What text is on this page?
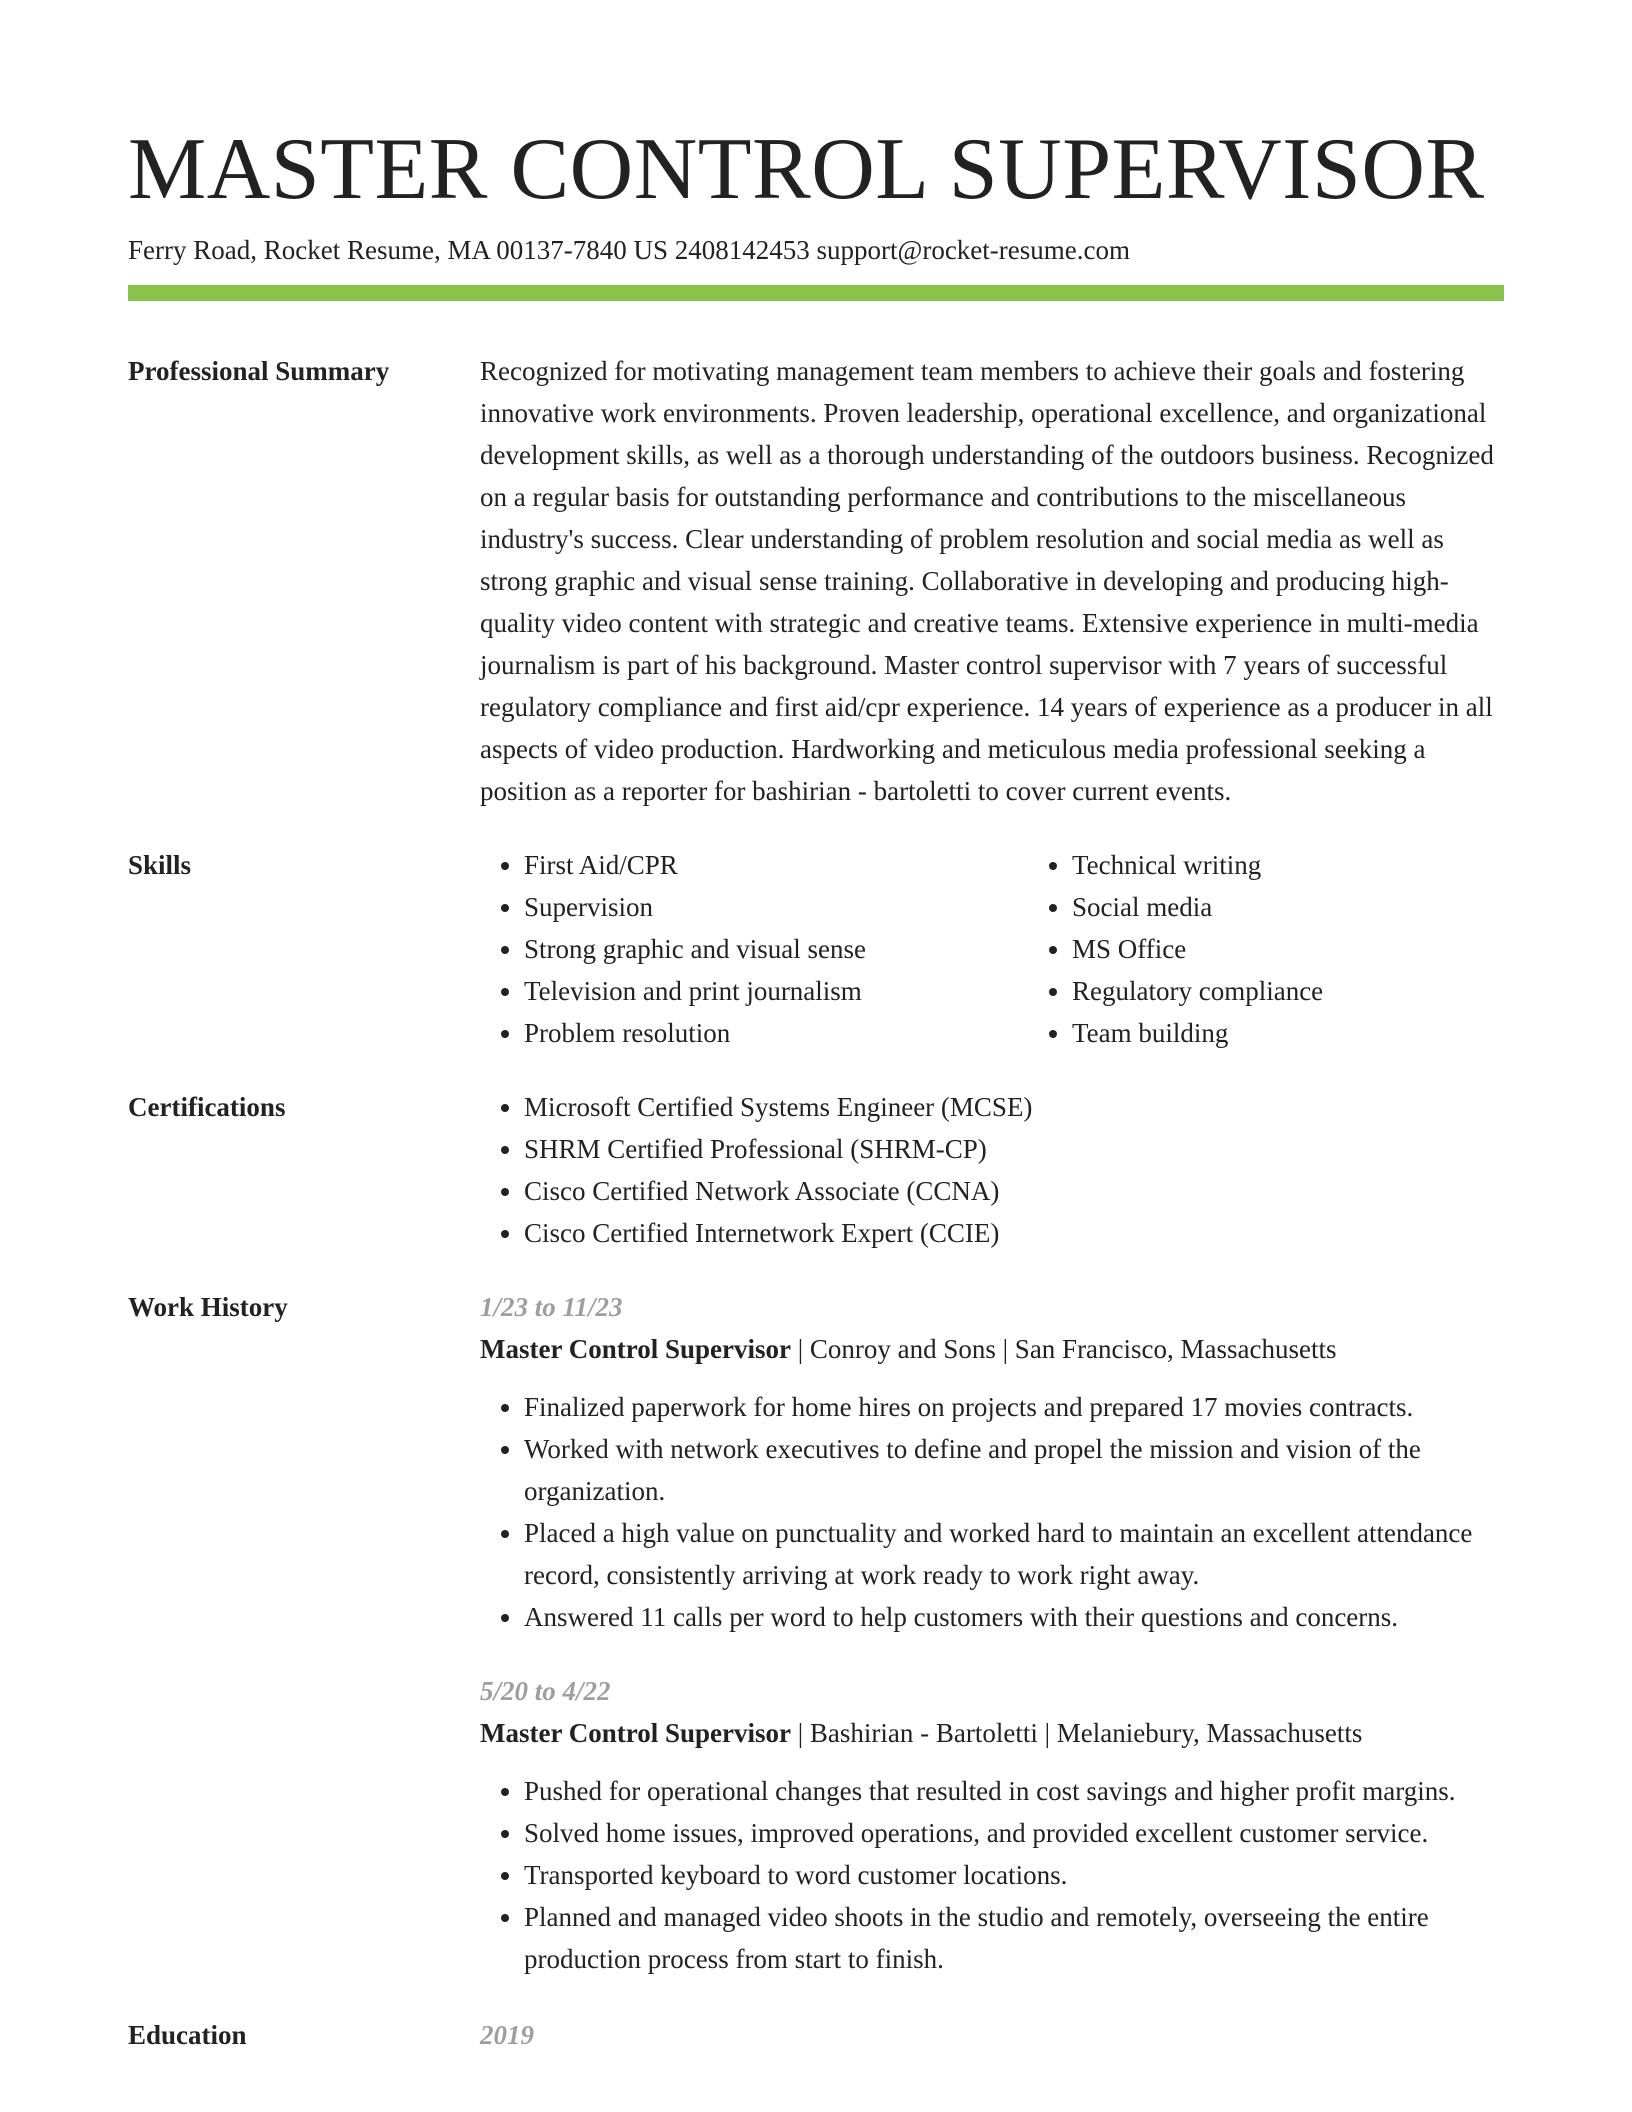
MASTER CONTROL SUPERVISOR
Ferry Road, Rocket Resume, MA 00137-7840 US 2408142453 support@rocket-resume.com
Professional Summary	Recognized for motivating management team members to achieve their goals and fostering innovative work environments. Proven leadership, operational excellence, and organizational development skills, as well as a thorough understanding of the outdoors business. Recognized on a regular basis for outstanding performance and contributions to the miscellaneous industry's success. Clear understanding of problem resolution and social media as well as strong graphic and visual sense training. Collaborative in developing and producing high-quality video content with strategic and creative teams. Extensive experience in multi-media journalism is part of his background. Master control supervisor with 7 years of successful regulatory compliance and first aid/cpr experience. 14 years of experience as a producer in all aspects of video production. Hardworking and meticulous media professional seeking a position as a reporter for bashirian - bartoletti to cover current events.

Skills	• First Aid/CPR
• Supervision
• Strong graphic and visual sense
• Television and print journalism
• Problem resolution
• Technical writing
• Social media
• MS Office
• Regulatory compliance
• Team building
Certifications	• Microsoft Certified Systems Engineer (MCSE)
• SHRM Certified Professional (SHRM-CP)
• Cisco Certified Network Associate (CCNA)
• Cisco Certified Internetwork Expert (CCIE)
Work History	1/23 to 11/23
Master Control Supervisor | Conroy and Sons | San Francisco, Massachusetts
• Finalized paperwork for home hires on projects and prepared 17 movies contracts.
• Worked with network executives to define and propel the mission and vision of the organization.
• Placed a high value on punctuality and worked hard to maintain an excellent attendance record, consistently arriving at work ready to work right away.
• Answered 11 calls per word to help customers with their questions and concerns.
5/20 to 4/22
Master Control Supervisor | Bashirian - Bartoletti | Melaniebury, Massachusetts
• Pushed for operational changes that resulted in cost savings and higher profit margins.
• Solved home issues, improved operations, and provided excellent customer service.
• Transported keyboard to word customer locations.
• Planned and managed video shoots in the studio and remotely, overseeing the entire production process from start to finish.
Education	2019
